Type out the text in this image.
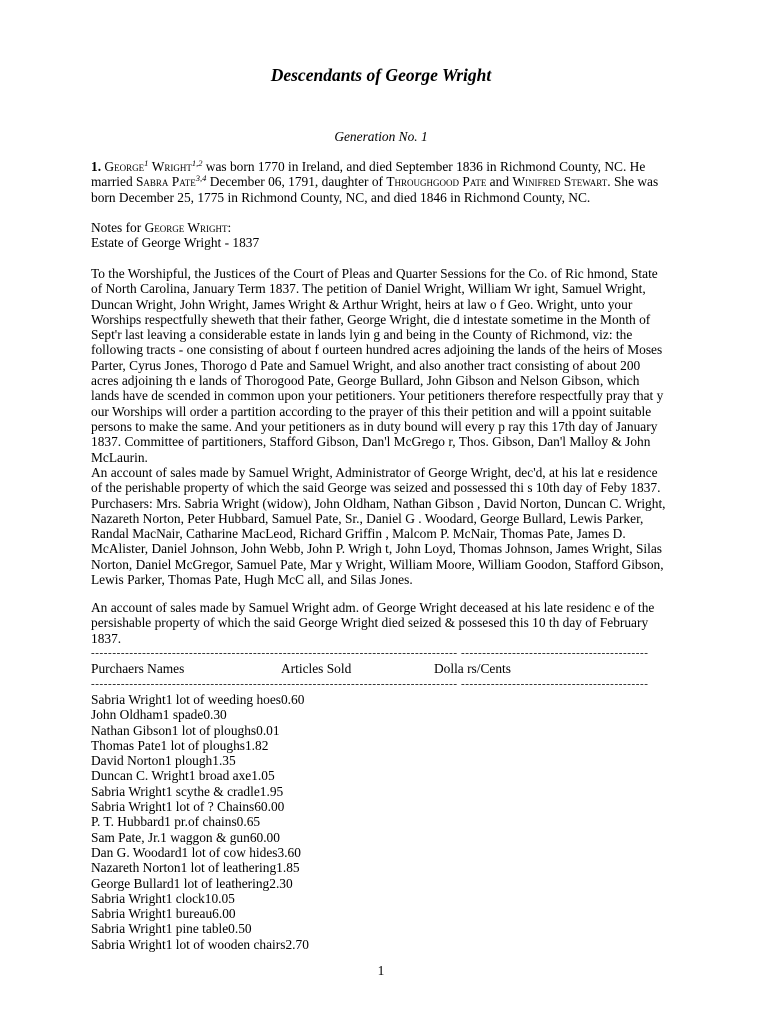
Descendants of George Wright
Generation No. 1

1. George$^1$ Wright$^{1,2}$ was born 1770 in Ireland, and died September 1836 in Richmond County, NC. He married Sabra Pate$^{3,4}$ December 06, 1791, daughter of Throughgood Pate and Winifred Stewart. She was born December 25, 1775 in Richmond County, NC, and died 1846 in Richmond County, NC.

Notes for George Wright:
Estate of George Wright - 1837

To the Worshipful, the Justices of the Court of Pleas and Quarter Sessions for the Co. of Ric hmond, State of North Carolina, January Term 1837. The petition of Daniel Wright, William Wr ight, Samuel Wright, Duncan Wright, John Wright, James Wright & Arthur Wright, heirs at law o f Geo. Wright, unto your Worships respectfully sheweth that their father, George Wright, die d intestate sometime in the Month of Sept'r last leaving a considerable estate in lands lyin g and being in the County of Richmond, viz: the following tracts - one consisting of about f ourteen hundred acres adjoining the lands of the heirs of Moses Parter, Cyrus Jones, Thorogo d Pate and Samuel Wright, and also another tract consisting of about 200 acres adjoining th e lands of Thorogood Pate, George Bullard, John Gibson and Nelson Gibson, which lands have de scended in common upon your petitioners. Your petitioners therefore respectfully pray that y our Worships will order a partition according to the prayer of this their petition and will a ppoint suitable persons to make the same. And your petitioners as in duty bound will every p ray this 17th day of January 1837. Committee of partitioners, Stafford Gibson, Dan'l McGrego r, Thos. Gibson, Dan'l Malloy & John McLaurin.

An account of sales made by Samuel Wright, Administrator of George Wright, dec'd, at his lat e residence of the perishable property of which the said George was seized and possessed thi s 10th day of Feby 1837. Purchasers: Mrs. Sabria Wright (widow), John Oldham, Nathan Gibson , David Norton, Duncan C. Wright, Nazareth Norton, Peter Hubbard, Samuel Pate, Sr., Daniel G . Woodard, George Bullard, Lewis Parker, Randal MacNair, Catharine MacLeod, Richard Griffin , Malcom P. McNair, Thomas Pate, James D. McAlister, Daniel Johnson, John Webb, John P. Wrigh t, John Loyd, Thomas Johnson, James Wright, Silas Norton, Daniel McGregor, Samuel Pate, Mar y Wright, William Moore, William Goodon, Stafford Gibson, Lewis Parker, Thomas Pate, Hugh McC all, and Silas Jones.

An account of sales made by Samuel Wright adm. of George Wright deceased at his late residenc e of the persishable property of which the said George Wright died seized & possesed this 10 th day of February 1837.

-------------------------------------------------------------------------------------- --------------------------------------------
Purchaers Names	Articles Sold	Dolla rs/Cents
-------------------------------------------------------------------------------------- --------------------------------------------
Sabria Wright1 lot of weeding hoes0.60
John Oldham1 spade0.30
Nathan Gibson1 lot of ploughs0.01
Thomas Pate1 lot of ploughs1.82
David Norton1 plough1.35
Duncan C. Wright1 broad axe1.05
Sabria Wright1 scythe & cradle1.95
Sabria Wright1 lot of ? Chains60.00
P. T. Hubbard1 pr.of chains0.65
Sam Pate, Jr.1 waggon & gun60.00
Dan G. Woodard1 lot of cow hides3.60
Nazareth Norton1 lot of leathering1.85
George Bullard1 lot of leathering2.30
Sabria Wright1 clock10.05
Sabria Wright1 bureau6.00
Sabria Wright1 pine table0.50
Sabria Wright1 lot of wooden chairs2.70
1
